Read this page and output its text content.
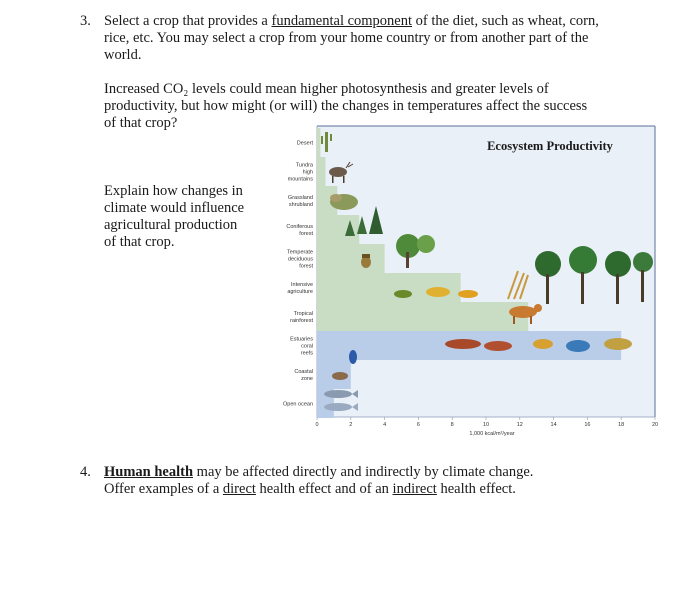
3. Select a crop that provides a fundamental component of the diet, such as wheat, corn,
rice, etc. You may select a crop from your home country or from another part of the
world.
Increased CO₂ levels could mean higher photosynthesis and greater levels of
productivity, but how might (or will) the changes in temperatures affect the success
of that crop?
Explain how changes in
climate would influence
agricultural production
of that crop.
Ecosystem Productivity
Desert
Tundra high mountains
Grassland shrubland
Coniferous forest
Temperate deciduous forest
Intensive agriculture
Tropical rainforest
Estuaries coral reefs
Coastal zone
Open ocean
0	2	4	6	8	10	12	14	16	18	20
1,000 kcal/m²/year
4. Human health may be affected directly and indirectly by climate change.
Offer examples of a direct health effect and of an indirect health effect.
